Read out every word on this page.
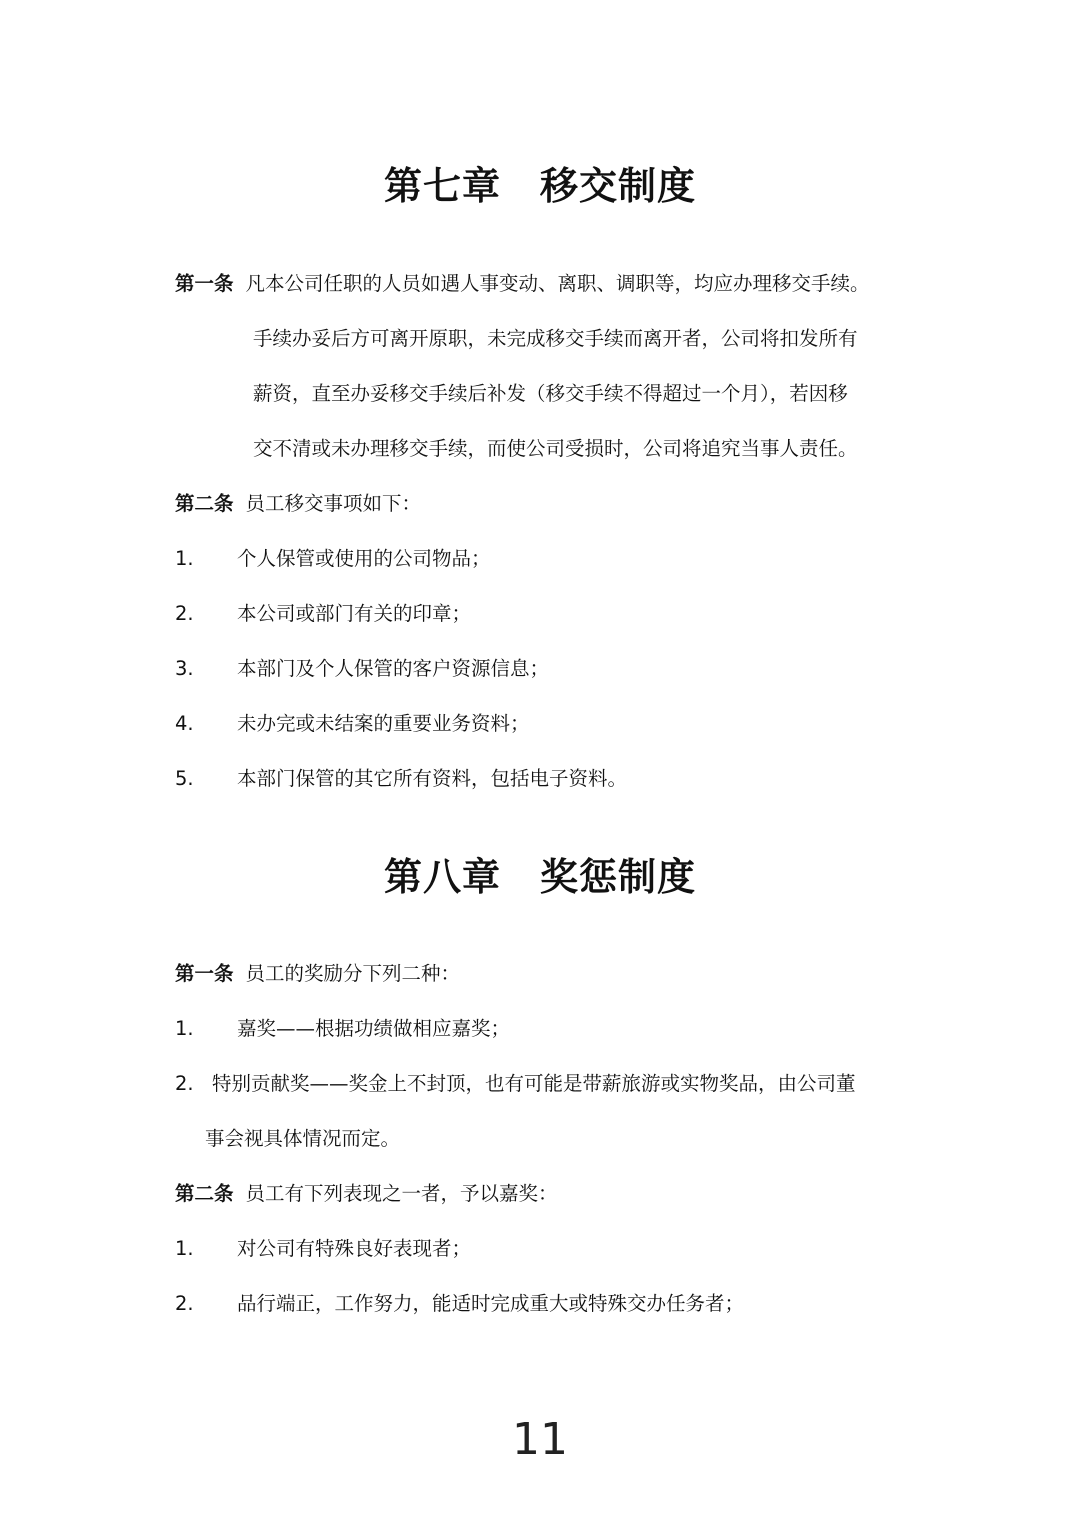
第七章　移交制度
第一条 凡本公司任职的人员如遇人事变动、离职、调职等，均应办理移交手续。
手续办妥后方可离开原职，未完成移交手续而离开者，公司将扣发所有
薪资，直至办妥移交手续后补发（移交手续不得超过一个月），若因移
交不清或未办理移交手续，而使公司受损时，公司将追究当事人责任。
第二条 员工移交事项如下：
1. 个人保管或使用的公司物品；
2. 本公司或部门有关的印章；
3. 本部门及个人保管的客户资源信息；
4. 未办完或未结案的重要业务资料；
5. 本部门保管的其它所有资料，包括电子资料。
第八章　奖惩制度
第一条 员工的奖励分下列二种：
1. 嘉奖——根据功绩做相应嘉奖；
2. 特别贡献奖——奖金上不封顶，也有可能是带薪旅游或实物奖品，由公司董
事会视具体情况而定。
第二条 员工有下列表现之一者，予以嘉奖：
1. 对公司有特殊良好表现者；
2. 品行端正，工作努力，能适时完成重大或特殊交办任务者；
11
